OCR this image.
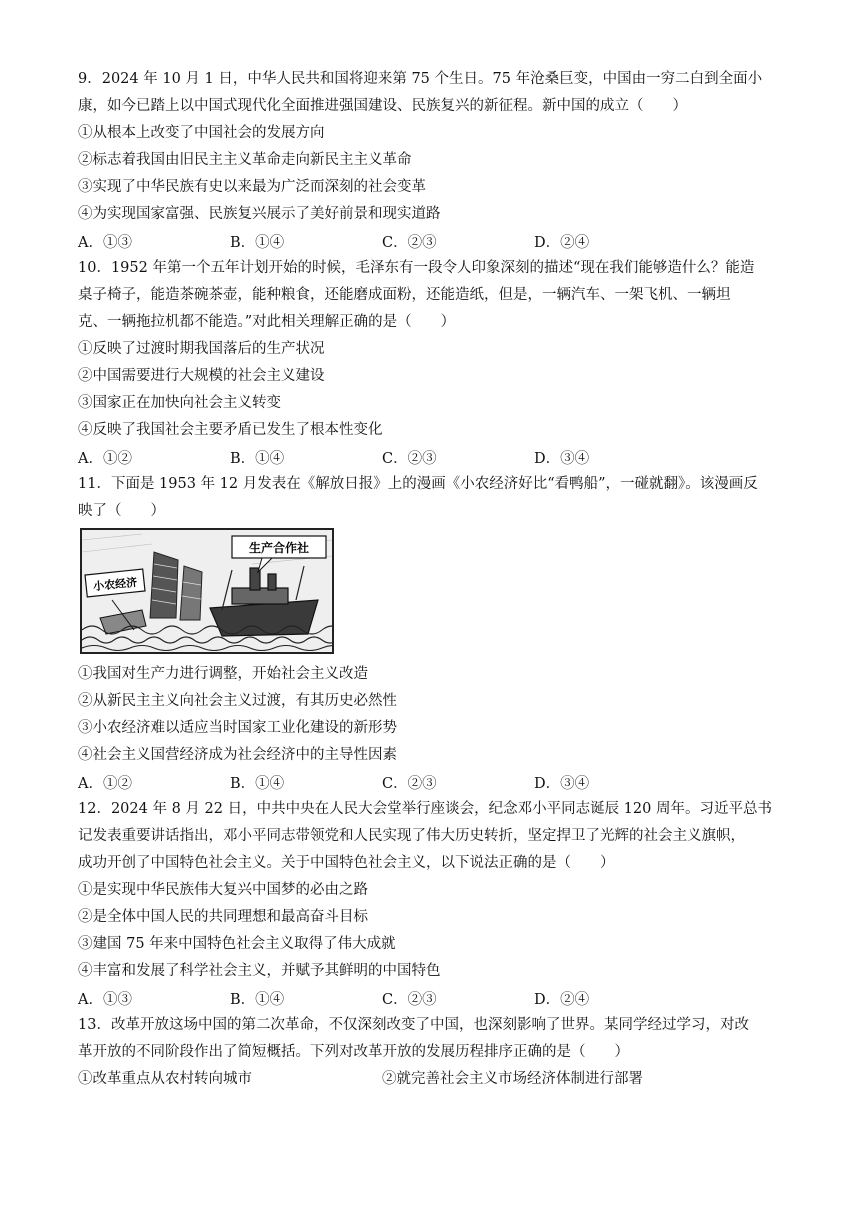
9．2024 年 10 月 1 日，中华人民共和国将迎来第 75 个生日。75 年沧桑巨变，中国由一穷二白到全面小
康，如今已踏上以中国式现代化全面推进强国建设、民族复兴的新征程。新中国的成立（　　）
①从根本上改变了中国社会的发展方向
②标志着我国由旧民主主义革命走向新民主主义革命
③实现了中华民族有史以来最为广泛而深刻的社会变革
④为实现国家富强、民族复兴展示了美好前景和现实道路
A．①③	B．①④	C．②③	D．②④
10．1952 年第一个五年计划开始的时候，毛泽东有一段令人印象深刻的描述“现在我们能够造什么？能造
桌子椅子，能造茶碗茶壶，能种粮食，还能磨成面粉，还能造纸，但是，一辆汽车、一架飞机、一辆坦
克、一辆拖拉机都不能造。”对此相关理解正确的是（　　）
①反映了过渡时期我国落后的生产状况
②中国需要进行大规模的社会主义建设
③国家正在加快向社会主义转变
④反映了我国社会主要矛盾已发生了根本性变化
A．①②	B．①④	C．②③	D．③④
11．下面是 1953 年 12 月发表在《解放日报》上的漫画《小农经济好比“看鸭船”，一碰就翻》。该漫画反
映了（　　）
生产合作社
小农经济
①我国对生产力进行调整，开始社会主义改造
②从新民主主义向社会主义过渡，有其历史必然性
③小农经济难以适应当时国家工业化建设的新形势
④社会主义国营经济成为社会经济中的主导性因素
A．①②	B．①④	C．②③	D．③④
12．2024 年 8 月 22 日，中共中央在人民大会堂举行座谈会，纪念邓小平同志诞辰 120 周年。习近平总书
记发表重要讲话指出，邓小平同志带领党和人民实现了伟大历史转折，坚定捍卫了光辉的社会主义旗帜，
成功开创了中国特色社会主义。关于中国特色社会主义，以下说法正确的是（　　）
①是实现中华民族伟大复兴中国梦的必由之路
②是全体中国人民的共同理想和最高奋斗目标
③建国 75 年来中国特色社会主义取得了伟大成就
④丰富和发展了科学社会主义，并赋予其鲜明的中国特色
A．①③	B．①④	C．②③	D．②④
13．改革开放这场中国的第二次革命，不仅深刻改变了中国，也深刻影响了世界。某同学经过学习，对改
革开放的不同阶段作出了简短概括。下列对改革开放的发展历程排序正确的是（　　）
①改革重点从农村转向城市	②就完善社会主义市场经济体制进行部署
